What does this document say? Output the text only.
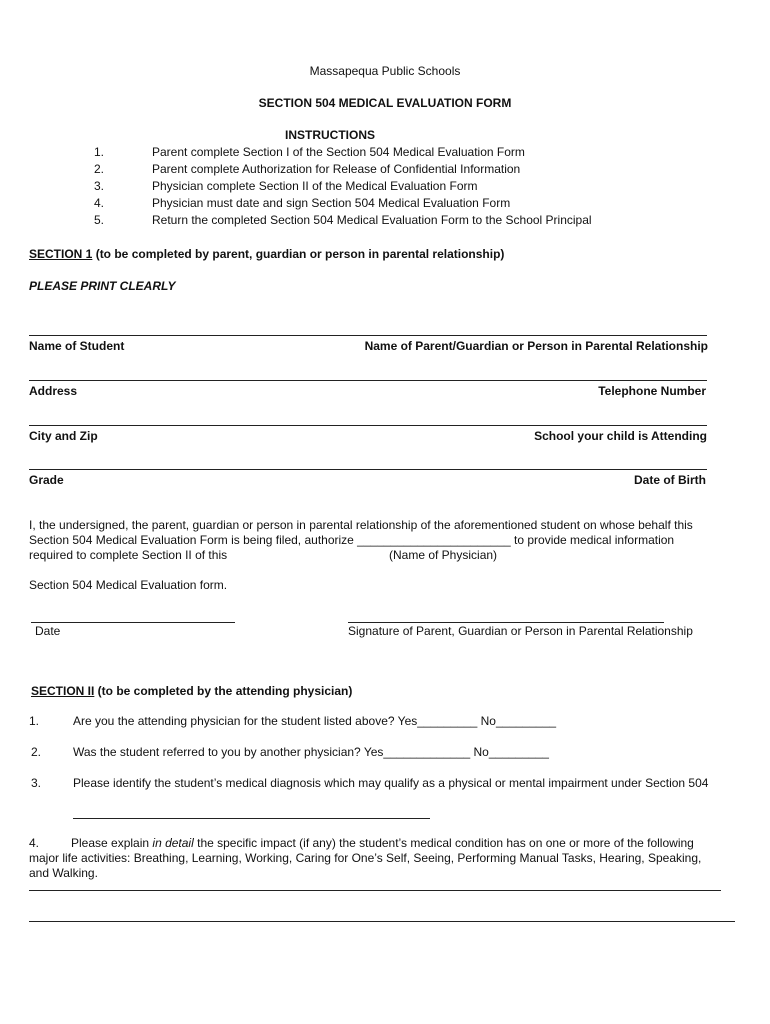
Massapequa Public Schools
SECTION 504 MEDICAL EVALUATION FORM
INSTRUCTIONS
1.	Parent complete Section I of the Section 504 Medical Evaluation Form
2.	Parent complete Authorization for Release of Confidential Information
3.	Physician complete Section II of the Medical Evaluation Form
4.	Physician must date and sign Section 504 Medical Evaluation Form
5.	Return the completed Section 504 Medical Evaluation Form to the School Principal
SECTION 1 (to be completed by parent, guardian or person in parental relationship)
PLEASE PRINT CLEARLY
Name of Student	Name of Parent/Guardian or Person in Parental Relationship
Address	Telephone Number
City and Zip	School your child is Attending
Grade	Date of Birth
I, the undersigned, the parent, guardian or person in parental relationship of the aforementioned student on whose behalf this
Section 504 Medical Evaluation Form is being filed, authorize _______________________ to provide medical information
required to complete Section II of this	(Name of Physician)
Section 504 Medical Evaluation form.
Date	Signature of Parent, Guardian or Person in Parental Relationship
SECTION II (to be completed by the attending physician)
1.	Are you the attending physician for the student listed above? Yes_________ No_________
2.	Was the student referred to you by another physician? Yes_____________ No_________
3.	Please identify the student’s medical diagnosis which may qualify as a physical or mental impairment under Section 504
4.	Please explain in detail the specific impact (if any) the student’s medical condition has on one or more of the following
major life activities: Breathing, Learning, Working, Caring for One’s Self, Seeing, Performing Manual Tasks, Hearing, Speaking,
and Walking.
